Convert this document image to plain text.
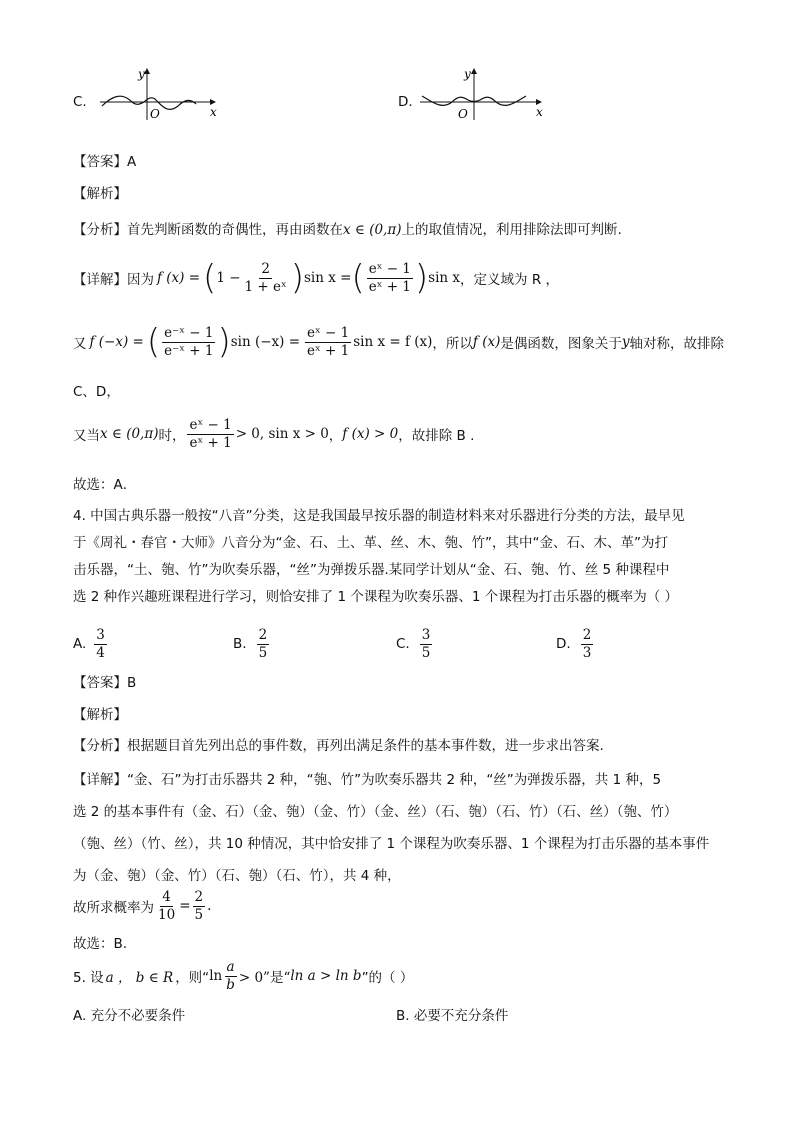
C.
y
x
O
D.
y
x
O
【答案】A
【解析】
【分析】首先判断函数的奇偶性，再由函数在x ∈ (0,π)上的取值情况，利用排除法即可判断.
【详解】 因为 f (x) = ( $1 - \frac{2}{\text{1 + eˣ}}$ ) sin x = ( $\frac{\text{eˣ − 1}}{\text{eˣ + 1}}$ ) sin x ，定义域为 R ，
又 f (−x) = ( $\frac{\text{e⁻ˣ − 1}}{\text{e⁻ˣ + 1}}$ ) $\sin (-x) = \frac{\text{eˣ − 1}}{\text{eˣ + 1}}$ sin x = f (x) ，所以 f (x) 是偶函数，图象关于 y 轴对称，故排除
C、D，
又当 x ∈ (0,π) 时， $\frac{\text{eˣ − 1}}{\text{eˣ + 1}} > 0$, sin x > 0 ， f (x) > 0 ，故排除 B .
故选：A．
4. 中国古典乐器一般按“八音”分类，这是我国最早按乐器的制造材料来对乐器进行分类的方法，最早见
于《周礼・春官・大师》八音分为“金、石、土、革、丝、木、匏、竹”，其中“金、石、木、革”为打
击乐器，“土、匏、竹”为吹奏乐器，“丝”为弹拨乐器.某同学计划从“金、石、匏、竹、丝 5 种课程中
选 2 种作兴趣班课程进行学习，则恰安排了 1 个课程为吹奏乐器、1 个课程为打击乐器的概率为（ ）
A. $\frac{3}{4}$	B. $\frac{2}{5}$	C. $\frac{3}{5}$	D. $\frac{2}{3}$
【答案】B
【解析】
【分析】根据题目首先列出总的事件数，再列出满足条件的基本事件数，进一步求出答案.
【详解】“金、石”为打击乐器共 2 种，“匏、竹”为吹奏乐器共 2 种，“丝”为弹拨乐器，共 1 种，5
选 2 的基本事件有（金、石）（金、匏）（金、竹）（金、丝）（石、匏）（石、竹）（石、丝）（匏、竹）
（匏、丝）（竹、丝），共 10 种情况，其中恰安排了 1 个课程为吹奏乐器、1 个课程为打击乐器的基本事件
为（金、匏）（金、竹）（石、匏）（石、竹），共 4 种，
故所求概率为 $\frac{4}{10} = \frac{2}{5}$ .
故选：B.
5. 设 a ， b ∈ R ，则“ $\ln \frac{a}{b} > 0$”是“ ln a > ln b ”的（ ）
A. 充分不必要条件	B. 必要不充分条件
